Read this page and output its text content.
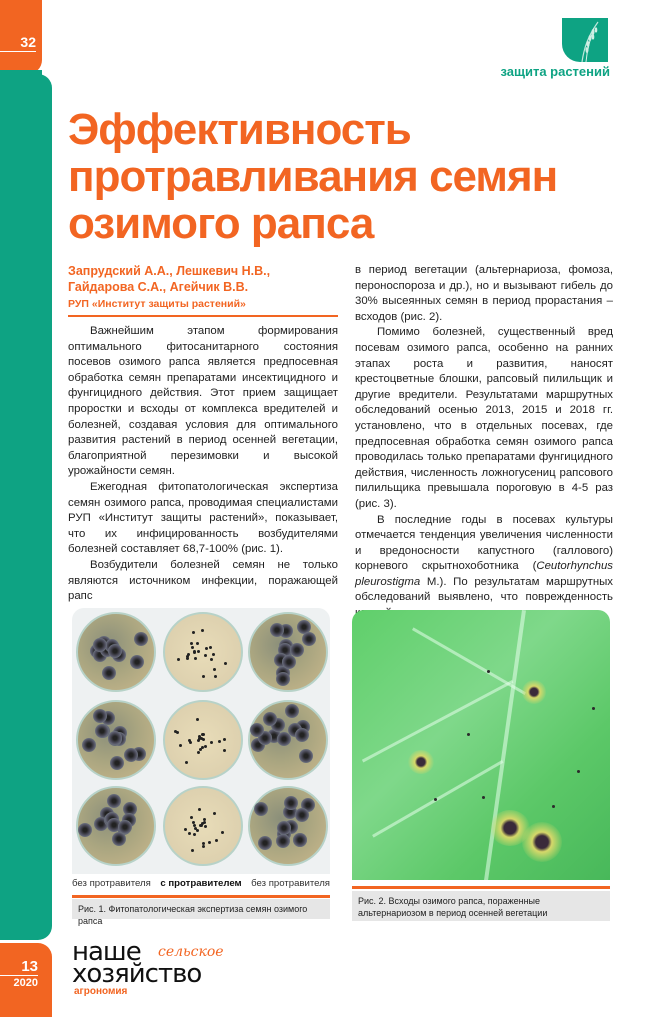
32
защита растений
Эффективность протравливания семян озимого рапса
Запрудский А.А., Лешкевич Н.В.,
Гайдарова С.А., Агейчик В.В.
РУП «Институт защиты растений»

Важнейшим этапом формирования оптимального фитосанитарного состояния посевов озимого рапса является предпосевная обработка семян препаратами инсектицидного и фунгицидного действия. Этот прием защищает проростки и всходы от комплекса вредителей и болезней, создавая условия для оптимального развития растений в период осенней вегетации, благоприятной перезимовки и высокой урожайности семян.

Ежегодная фитопатологическая экспертиза семян озимого рапса, проводимая специалистами РУП «Институт защиты растений», показывает, что их инфицированность возбудителями болезней составляет 68,7-100% (рис. 1).

Возбудители болезней семян не только являются источником инфекции, поражающей рапс

в период вегетации (альтернариоза, фомоза, пероноспороза и др.), но и вызывают гибель до 30% высеянных семян в период прорастания – всходов (рис. 2).

Помимо болезней, существенный вред посевам озимого рапса, особенно на ранних этапах роста и развития, наносят крестоцветные блошки, рапсовый пилильщик и другие вредители. Результатами маршрутных обследований осенью 2013, 2015 и 2018 гг. установлено, что в отдельных посевах, где предпосевная обработка семян озимого рапса проводилась только препаратами фунгицидного действия, численность ложногусениц рапсового пилильщика превышала пороговую в 4-5 раз (рис. 3).

В последние годы в посевах культуры отмечается тенденция увеличения численности и вредоносности капустного (галлового) корневого скрытнохоботника (Ceutorhynchus pleurostigma M.). По результатам маршрутных обследований выявлено, что поврежденность

без протравителя с протравителем без протравителя
Рис. 1. Фитопатологическая экспертиза семян озимого рапса
Рис. 2. Всходы озимого рапса, пораженные альтернариозом в период осенней вегетации
13
2020
наше сельское
хозяйство
агрономия
